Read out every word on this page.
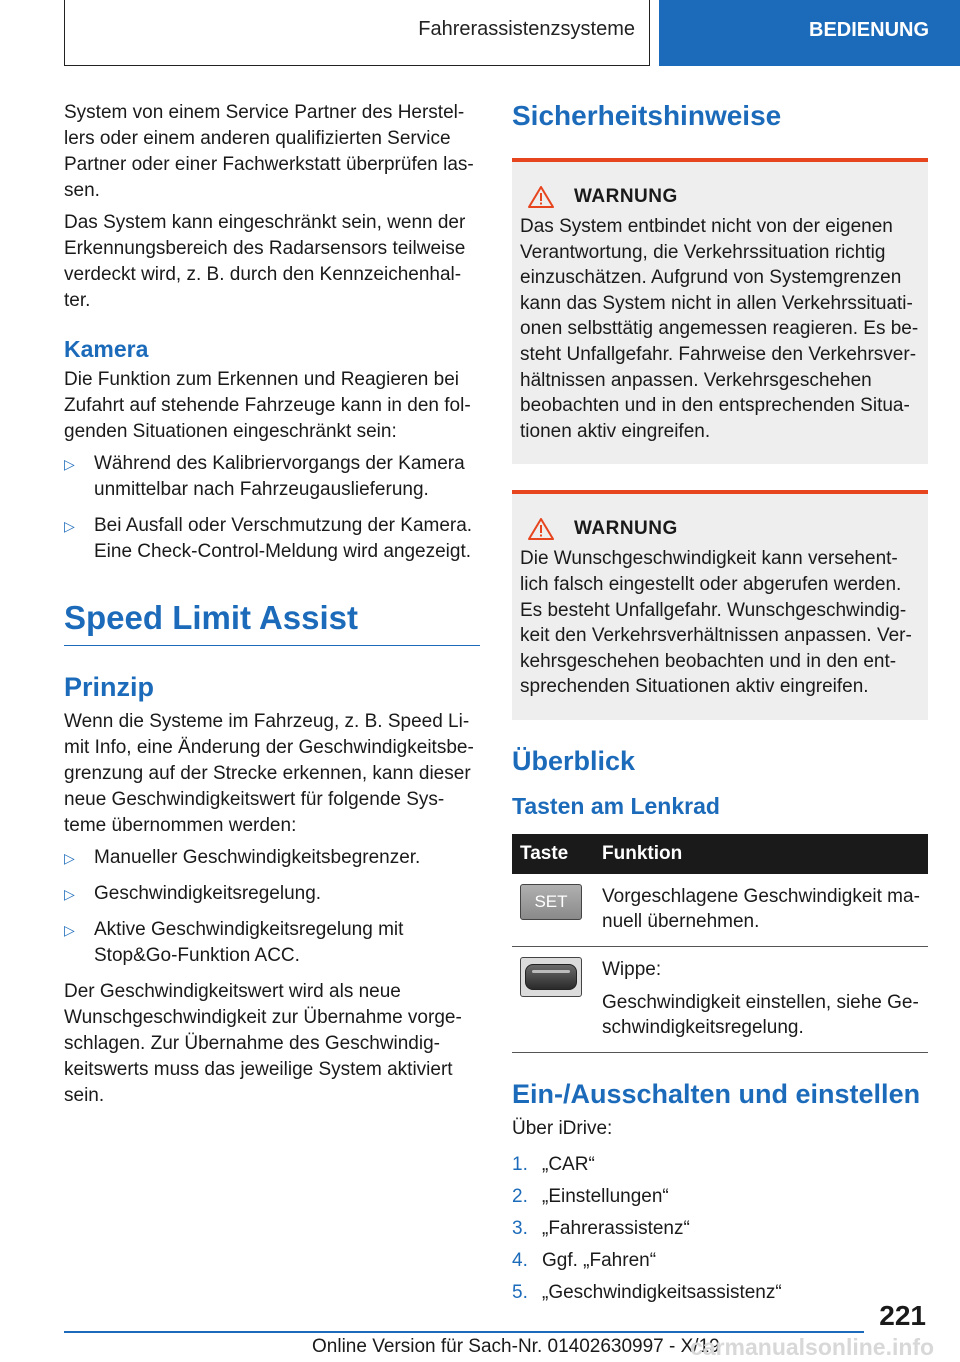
Fahrerassistenzsysteme	BEDIENUNG

System von einem Service Partner des Herstel-lers oder einem anderen qualifizierten Service Partner oder einer Fachwerkstatt überprüfen las-sen.

Das System kann eingeschränkt sein, wenn der Erkennungsbereich des Radarsensors teilweise verdeckt wird, z. B. durch den Kennzeichenhal-ter.

Kamera

Die Funktion zum Erkennen und Reagieren bei Zufahrt auf stehende Fahrzeuge kann in den fol-genden Situationen eingeschränkt sein:

▷ Während des Kalibriervorgangs der Kamera unmittelbar nach Fahrzeugauslieferung.
▷ Bei Ausfall oder Verschmutzung der Kamera. Eine Check-Control-Meldung wird angezeigt.
Speed Limit Assist
Prinzip

Wenn die Systeme im Fahrzeug, z. B. Speed Li-mit Info, eine Änderung der Geschwindigkeitsbe-grenzung auf der Strecke erkennen, kann dieser neue Geschwindigkeitswert für folgende Sys-teme übernommen werden:

▷ Manueller Geschwindigkeitsbegrenzer.
▷ Geschwindigkeitsregelung.
▷ Aktive Geschwindigkeitsregelung mit Stop&Go-Funktion ACC.

Der Geschwindigkeitswert wird als neue Wunschgeschwindigkeit zur Übernahme vorge-schlagen. Zur Übernahme des Geschwindig-keitswerts muss das jeweilige System aktiviert sein.

Sicherheitshinweise
WARNUNG

Das System entbindet nicht von der eigenen Verantwortung, die Verkehrssituation richtig einzuschätzen. Aufgrund von Systemgrenzen kann das System nicht in allen Verkehrssituati-onen selbsttätig angemessen reagieren. Es be-steht Unfallgefahr. Fahrweise den Verkehrsver-hältnissen anpassen. Verkehrsgeschehen beobachten und in den entsprechenden Situa-tionen aktiv eingreifen.

WARNUNG

Die Wunschgeschwindigkeit kann versehent-lich falsch eingestellt oder abgerufen werden. Es besteht Unfallgefahr. Wunschgeschwindig-keit den Verkehrsverhältnissen anpassen. Ver-kehrsgeschehen beobachten und in den ent-sprechenden Situationen aktiv eingreifen.

Überblick
Tasten am Lenkrad
Taste	Funktion

SET	Vorgeschlagene Geschwindigkeit ma-nuell übernehmen.

	Wippe:
Geschwindigkeit einstellen, siehe Ge-schwindigkeitsregelung.
Ein-/Ausschalten und einstellen

Über iDrive:

1. „CAR“
2. „Einstellungen“
3. „Fahrerassistenz“
4. Ggf. „Fahren“
5. „Geschwindigkeitsassistenz“
221
Online Version für Sach-Nr. 01402630997 - X/19
carmanualsonline.info
